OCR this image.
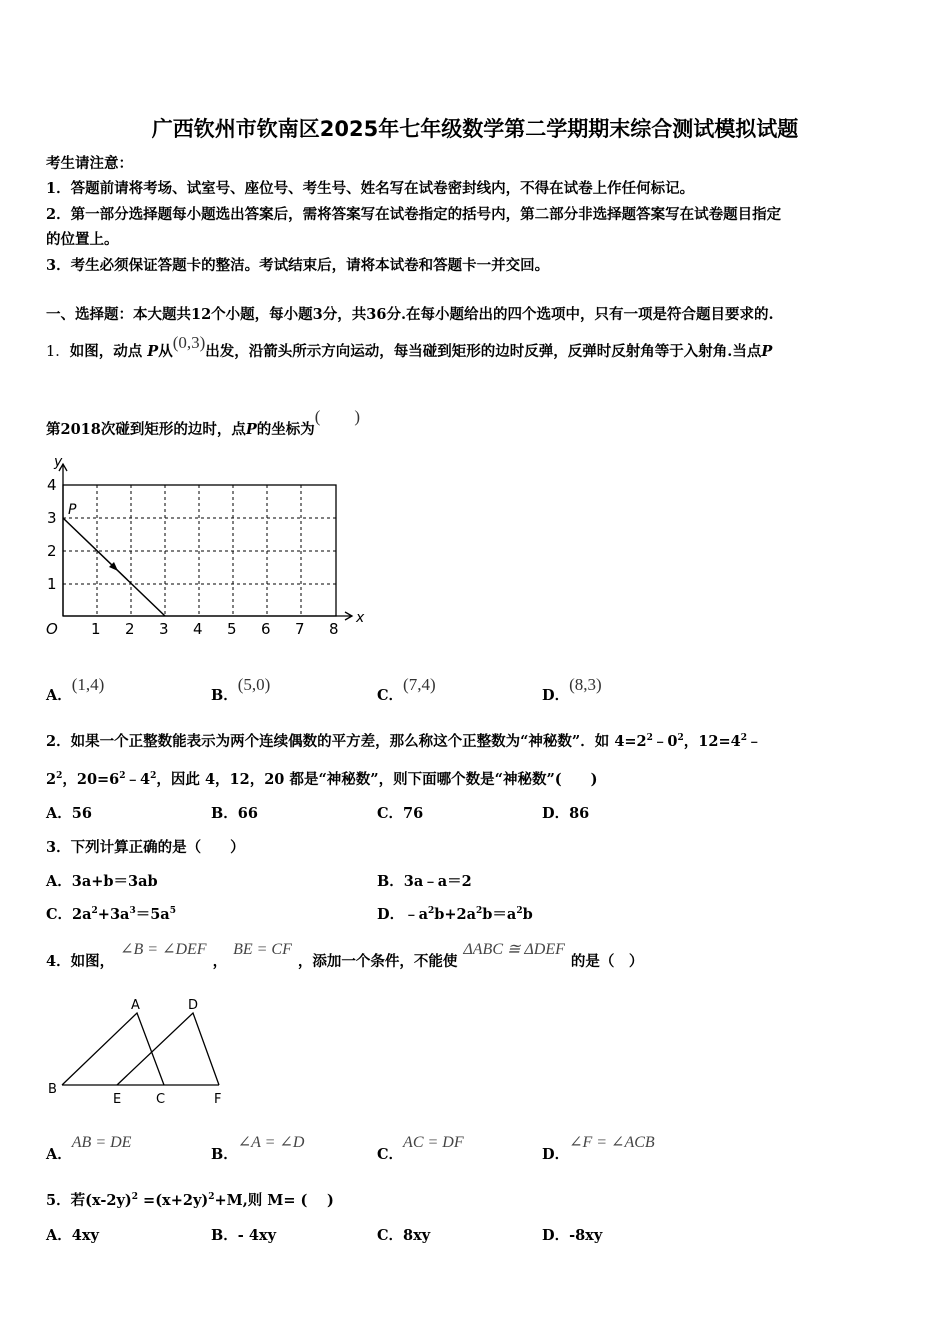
广西钦州市钦南区2025年七年级数学第二学期期末综合测试模拟试题
考生请注意：
1．答题前请将考场、试室号、座位号、考生号、姓名写在试卷密封线内，不得在试卷上作任何标记。
2．第一部分选择题每小题选出答案后，需将答案写在试卷指定的括号内，第二部分非选择题答案写在试卷题目指定
的位置上。
3．考生必须保证答题卡的整洁。考试结束后，请将本试卷和答题卡一并交回。
一、选择题：本大题共12个小题，每小题3分，共36分.在每小题给出的四个选项中，只有一项是符合题目要求的.
1．如图，动点 P从(0,3)出发，沿箭头所示方向运动，每当碰到矩形的边时反弹，反弹时反射角等于入射角.当点P
第2018次碰到矩形的边时，点P的坐标为(　　)
y
x
O
P
1 2 3 4 5 6 7 8
1
2
3
4
A．(1,4)
B．(5,0)
C．(7,4)
D．(8,3)
2．如果一个正整数能表示为两个连续偶数的平方差，那么称这个正整数为“神秘数”．如 $4=2^2﹣0^2$，$12=4^2﹣$
$2^2$，$20=6^2﹣4^2$，因此 4，12，20 都是“神秘数”，则下面哪个数是“神秘数”(　　)
A．56	B．66	C．76	D．86
3．下列计算正确的是（　　）
A．3a+b＝3ab	B．3a﹣a＝2
C．$2a^2+3a^3=5a^5$	D．$﹣a^2b+2a^2b=a^2b$
4．如图，∠B = ∠DEF，BE = CF，添加一个条件，不能使ΔABC ≅ ΔDEF的是（　）
A	D
B
E	C	F
A．AB = DE
B．∠A = ∠D
C．AC = DF
D．∠F = ∠ACB
5．若$(x-2y)^2 =(x+2y)^2+M$,则 M= (　 )
A．4xy	B．- 4xy	C．8xy	D．-8xy
